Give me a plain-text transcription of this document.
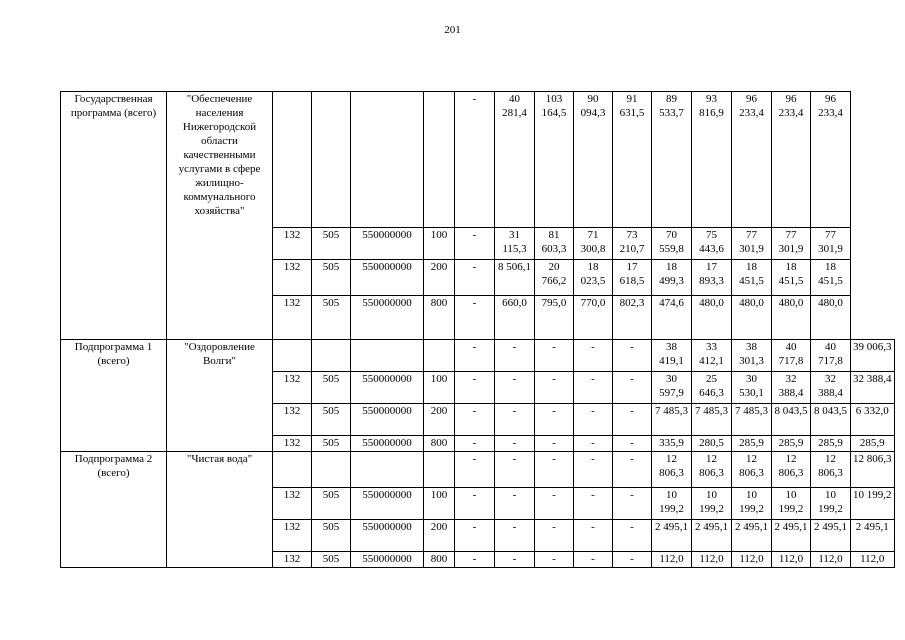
201
Государственная программа (всего)	"Обеспечение населения Нижегородской области качественными услугами в сфере жилищно-коммунального хозяйства"					-	40 281,4	103 164,5	90 094,3	91 631,5	89 533,7	93 816,9	96 233,4	96 233,4	96 233,4	
		132	505	550000000	100	-	31 115,3	81 603,3	71 300,8	73 210,7	70 559,8	75 443,6	77 301,9	77 301,9	77 301,9	
		132	505	550000000	200	-	8 506,1	20 766,2	18 023,5	17 618,5	18 499,3	17 893,3	18 451,5	18 451,5	18 451,5	
		132	505	550000000	800	-	660,0	795,0	770,0	802,3	474,6	480,0	480,0	480,0	480,0	
Подпрограмма 1 (всего)	"Оздоровление Волги"					-	-	-	-	-	38 419,1	33 412,1	38 301,3	40 717,8	40 717,8	39 006,3
		132	505	550000000	100	-	-	-	-	-	30 597,9	25 646,3	30 530,1	32 388,4	32 388,4	32 388,4
		132	505	550000000	200	-	-	-	-	-	7 485,3	7 485,3	7 485,3	8 043,5	8 043,5	6 332,0
		132	505	550000000	800	-	-	-	-	-	335,9	280,5	285,9	285,9	285,9	285,9
Подпрограмма 2 (всего)	"Чистая вода"					-	-	-	-	-	12 806,3	12 806,3	12 806,3	12 806,3	12 806,3	12 806,3
		132	505	550000000	100	-	-	-	-	-	10 199,2	10 199,2	10 199,2	10 199,2	10 199,2	10 199,2
		132	505	550000000	200	-	-	-	-	-	2 495,1	2 495,1	2 495,1	2 495,1	2 495,1	2 495,1
		132	505	550000000	800	-	-	-	-	-	112,0	112,0	112,0	112,0	112,0	112,0
